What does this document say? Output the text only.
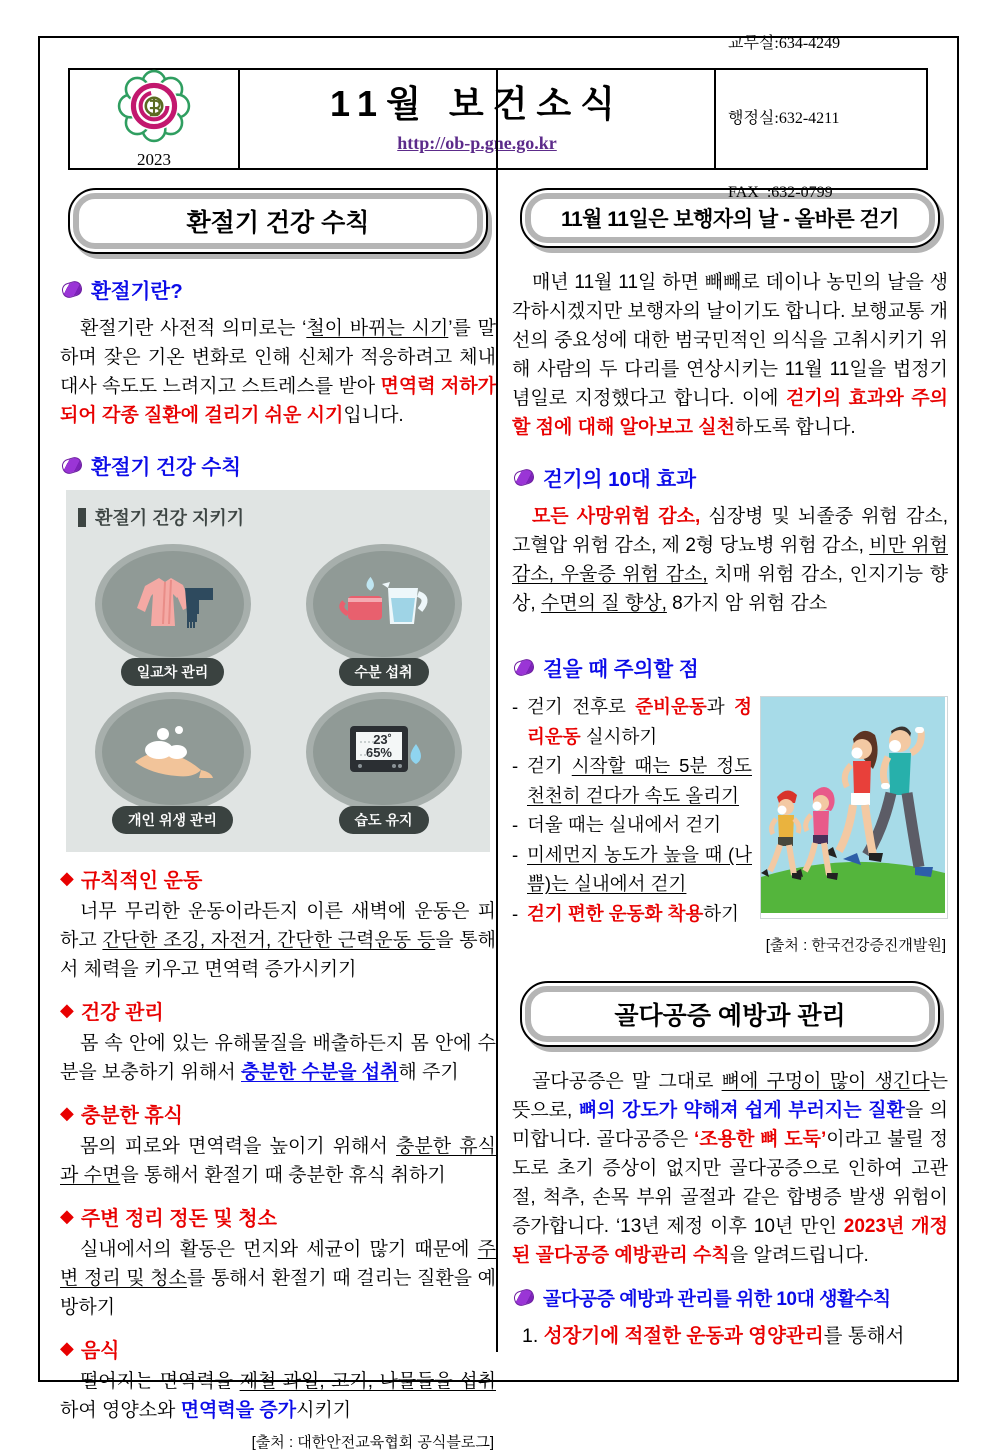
2023
11월 보건소식
http://ob-p.gne.go.kr

교무실:634-4249

행정실:632-4211

FAX  :632-0799

환절기 건강 수칙
환절기란?
환절기란 사전적 의미로는 ‘철이 바뀌는 시기’를 말하며 잦은 기온 변화로 인해 신체가 적응하려고 체내 대사 속도도 느려지고 스트레스를 받아 면역력 저하가 되어 각종 질환에 걸리기 쉬운 시기입니다.
환절기 건강 수칙
환절기 건강 지키기
일교차 관리	수분 섭취
개인 위생 관리
23˚
65%
습도 유지
◆ 규칙적인 운동
너무 무리한 운동이라든지 이른 새벽에 운동은 피하고 간단한 조깅, 자전거, 간단한 근력운동 등을 통해서 체력을 키우고 면역력 증가시키기
◆ 건강 관리
몸 속 안에 있는 유해물질을 배출하든지 몸 안에 수분을 보충하기 위해서 충분한 수분을 섭취해 주기
◆ 충분한 휴식
몸의 피로와 면역력을 높이기 위해서 충분한 휴식과 수면을 통해서 환절기 때 충분한 휴식 취하기
◆ 주변 정리 정돈 및 청소
실내에서의 활동은 먼지와 세균이 많기 때문에 주변 정리 및 청소를 통해서 환절기 때 걸리는 질환을 예방하기
◆ 음식
떨어지는 면역력을 제철 과일, 고기, 나물들을 섭취하여 영양소와 면역력을 증가시키기
[출처 : 대한안전교육협회 공식블로그]
11월 11일은 보행자의 날 - 올바른 걷기
매년 11월 11일 하면 빼빼로 데이나 농민의 날을 생각하시겠지만 보행자의 날이기도 합니다. 보행교통 개선의 중요성에 대한 범국민적인 의식을 고취시키기 위해 사람의 두 다리를 연상시키는 11월 11일을 법정기념일로 지정했다고 합니다. 이에 걷기의 효과와 주의할 점에 대해 알아보고 실천하도록 합니다.
걷기의 10대 효과
모든 사망위험 감소, 심장병 및 뇌졸중 위험 감소, 고혈압 위험 감소, 제 2형 당뇨병 위험 감소, 비만 위험 감소, 우울증 위험 감소, 치매 위험 감소, 인지기능 향상, 수면의 질 향상, 8가지 암 위험 감소
걸을 때 주의할 점
- 걷기 전후로 준비운동과 정리운동 실시하기
- 걷기 시작할 때는 5분 정도 천천히 걷다가 속도 올리기
- 더울 때는 실내에서 걷기
- 미세먼지 농도가 높을 때 (나쁨)는 실내에서 걷기
- 걷기 편한 운동화 착용하기
[출처 : 한국건강증진개발원]
골다공증 예방과 관리
골다공증은 말 그대로 뼈에 구멍이 많이 생긴다는 뜻으로, 뼈의 강도가 약해져 쉽게 부러지는 질환을 의미합니다. 골다공증은 ‘조용한 뼈 도둑’이라고 불릴 정도로 초기 증상이 없지만 골다공증으로 인하여 고관절, 척추, 손목 부위 골절과 같은 합병증 발생 위험이 증가합니다. ‘13년 제정 이후 10년 만인 2023년 개정된 골다공증 예방관리 수칙을 알려드립니다.
골다공증 예방과 관리를 위한 10대 생활수칙
1. 성장기에 적절한 운동과 영양관리를 통해서
